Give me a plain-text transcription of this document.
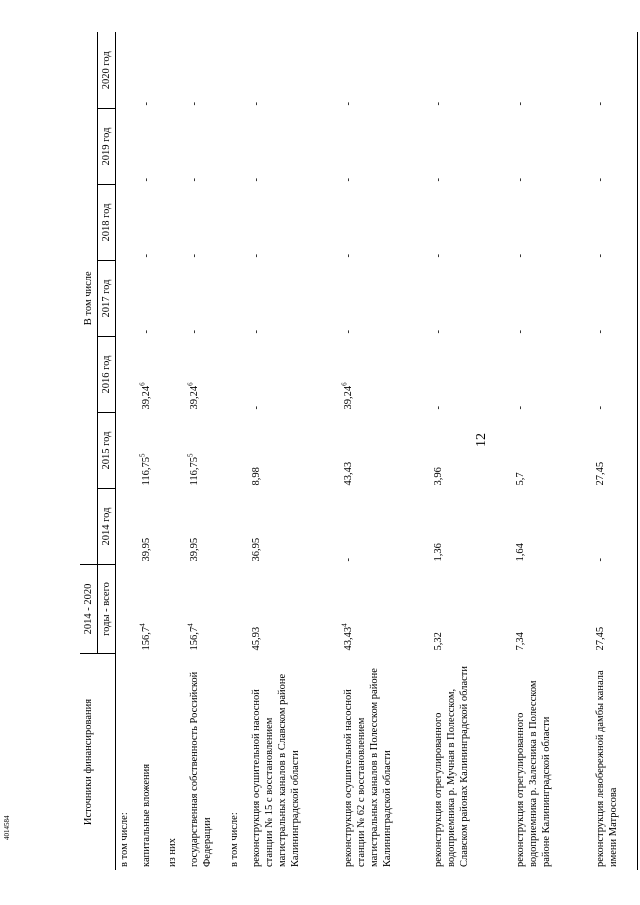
Источники финансирования	2014 - 2020	В том числе						
	годы - всего	2014 год	2015 год	2016 год	2017 год	2018 год	2019 год	2020 год
в том числе:								
капитальные вложения	156,7$^4$	39,95	116,75$^5$	39,24$^6$	-	-	-	-
из них								
государственная собственность Российской Федерации	156,7$^4$	39,95	116,75$^5$	39,24$^6$	-	-	-	-
в том числе:								
реконструкция осушительной насосной станции № 15 с восстановлением магистральных каналов в Славском районе Калининградской области	45,93	36,95	8,98	-	-	-	-	-
реконструкция осушительной насосной станции № 62 с восстановлением магистральных каналов в Полесском районе Калининградской области	43,43$^4$	-	43,43	39,24$^6$	-	-	-	-
реконструкция отрегулированного водоприемника р. Мучная в Полесском, Славском районах Калининградской области	5,32	1,36	3,96	-	-	-	-	-
реконструкция отрегулированного водоприемника р. Залесника в Полесском районе Калининградской области	7,34	1,64	5,7	-	-	-	-	-
реконструкция левобережной дамбы канала имени Матросова	27,45	-	27,45	-	-	-	-	-

12
4014584
